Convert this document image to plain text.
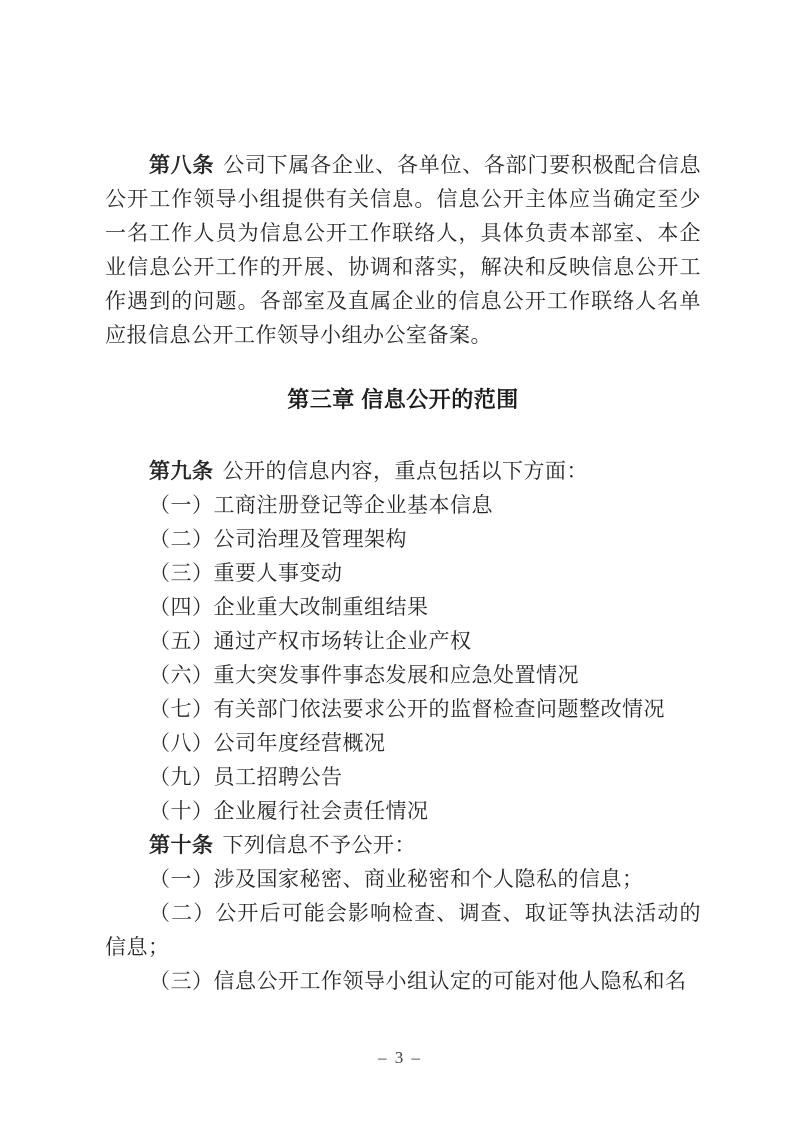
第八条 公司下属各企业、各单位、各部门要积极配合信息公开工作领导小组提供有关信息。信息公开主体应当确定至少一名工作人员为信息公开工作联络人，具体负责本部室、本企业信息公开工作的开展、协调和落实，解决和反映信息公开工作遇到的问题。各部室及直属企业的信息公开工作联络人名单应报信息公开工作领导小组办公室备案。

第三章 信息公开的范围

第九条 公开的信息内容，重点包括以下方面：

（一）工商注册登记等企业基本信息

（二）公司治理及管理架构

（三）重要人事变动

（四）企业重大改制重组结果

（五）通过产权市场转让企业产权

（六）重大突发事件事态发展和应急处置情况

（七）有关部门依法要求公开的监督检查问题整改情况

（八）公司年度经营概况

（九）员工招聘公告

（十）企业履行社会责任情况

第十条 下列信息不予公开：

（一）涉及国家秘密、商业秘密和个人隐私的信息；

（二）公开后可能会影响检查、调查、取证等执法活动的信息；

（三）信息公开工作领导小组认定的可能对他人隐私和名

– 3 –
